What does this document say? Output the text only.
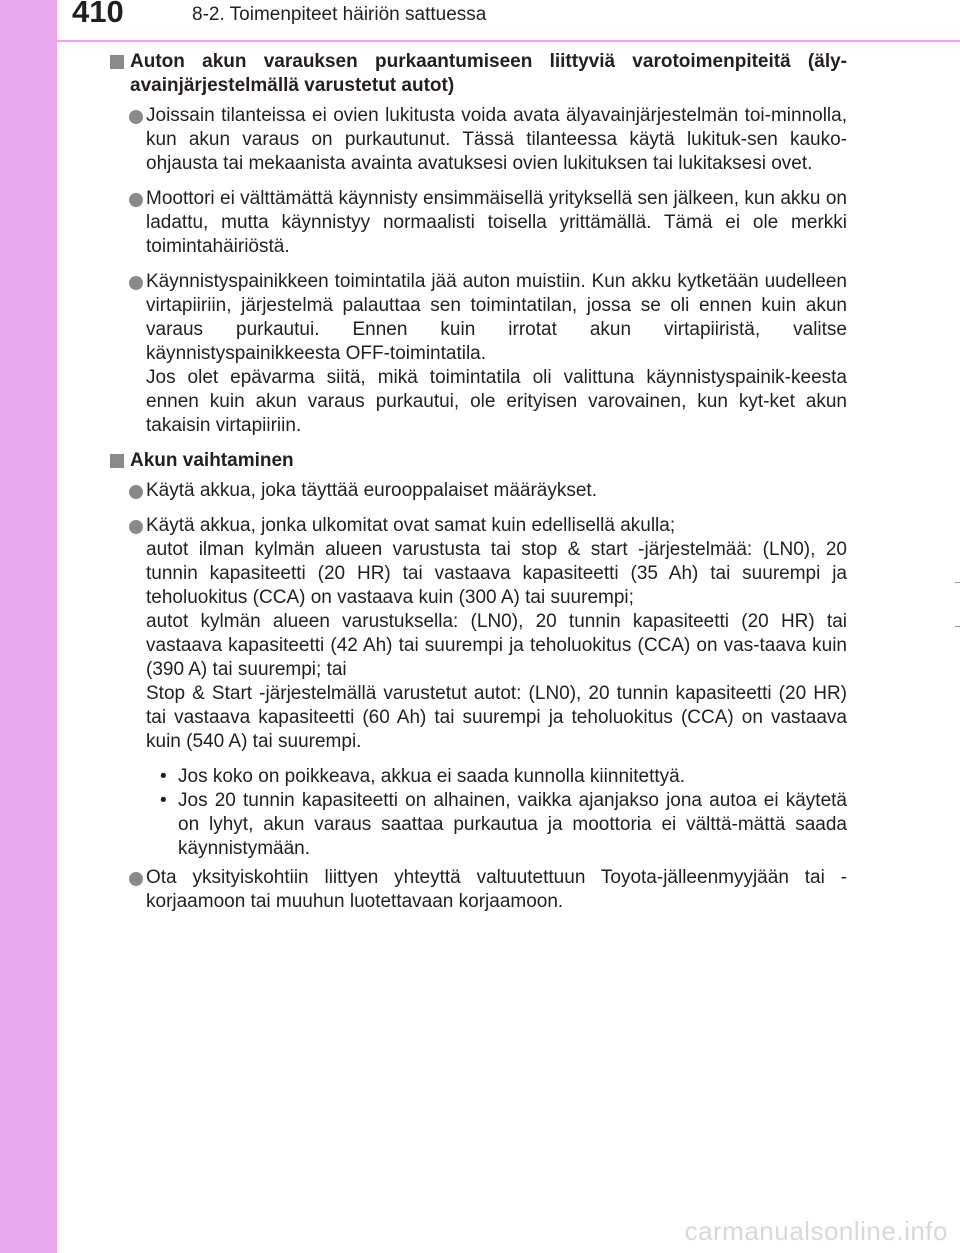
410	8-2. Toimenpiteet häiriön sattuessa
Auton akun varauksen purkaantumiseen liittyviä varotoimenpiteitä (äly-avainjärjestelmällä varustetut autot)

Joissain tilanteissa ei ovien lukitusta voida avata älyavainjärjestelmän toi-minnolla, kun akun varaus on purkautunut. Tässä tilanteessa käytä lukituk-sen kauko-ohjausta tai mekaanista avainta avatuksesi ovien lukituksen tai lukitaksesi ovet.

Moottori ei välttämättä käynnisty ensimmäisellä yrityksellä sen jälkeen, kun akku on ladattu, mutta käynnistyy normaalisti toisella yrittämällä. Tämä ei ole merkki toimintahäiriöstä.

Käynnistyspainikkeen toimintatila jää auton muistiin. Kun akku kytketään uudelleen virtapiiriin, järjestelmä palauttaa sen toimintatilan, jossa se oli ennen kuin akun varaus purkautui. Ennen kuin irrotat akun virtapiiristä, valitse käynnistyspainikkeesta OFF-toimintatila.

Jos olet epävarma siitä, mikä toimintatila oli valittuna käynnistyspainik-keesta ennen kuin akun varaus purkautui, ole erityisen varovainen, kun kyt-ket akun takaisin virtapiiriin.

Akun vaihtaminen

Käytä akkua, joka täyttää eurooppalaiset määräykset.

Käytä akkua, jonka ulkomitat ovat samat kuin edellisellä akulla;

autot ilman kylmän alueen varustusta tai stop & start -järjestelmää: (LN0), 20 tunnin kapasiteetti (20 HR) tai vastaava kapasiteetti (35 Ah) tai suurempi ja teholuokitus (CCA) on vastaava kuin (300 A) tai suurempi;

autot kylmän alueen varustuksella: (LN0), 20 tunnin kapasiteetti (20 HR) tai vastaava kapasiteetti (42 Ah) tai suurempi ja teholuokitus (CCA) on vas-taava kuin (390 A) tai suurempi; tai

Stop & Start -järjestelmällä varustetut autot: (LN0), 20 tunnin kapasiteetti (20 HR) tai vastaava kapasiteetti (60 Ah) tai suurempi ja teholuokitus (CCA) on vastaava kuin (540 A) tai suurempi.

• Jos koko on poikkeava, akkua ei saada kunnolla kiinnitettyä.
• Jos 20 tunnin kapasiteetti on alhainen, vaikka ajanjakso jona autoa ei käytetä on lyhyt, akun varaus saattaa purkautua ja moottoria ei välttä-mättä saada käynnistymään.

Ota yksityiskohtiin liittyen yhteyttä valtuutettuun Toyota-jälleenmyyjään tai -korjaamoon tai muuhun luotettavaan korjaamoon.

carmanualsonline.info
